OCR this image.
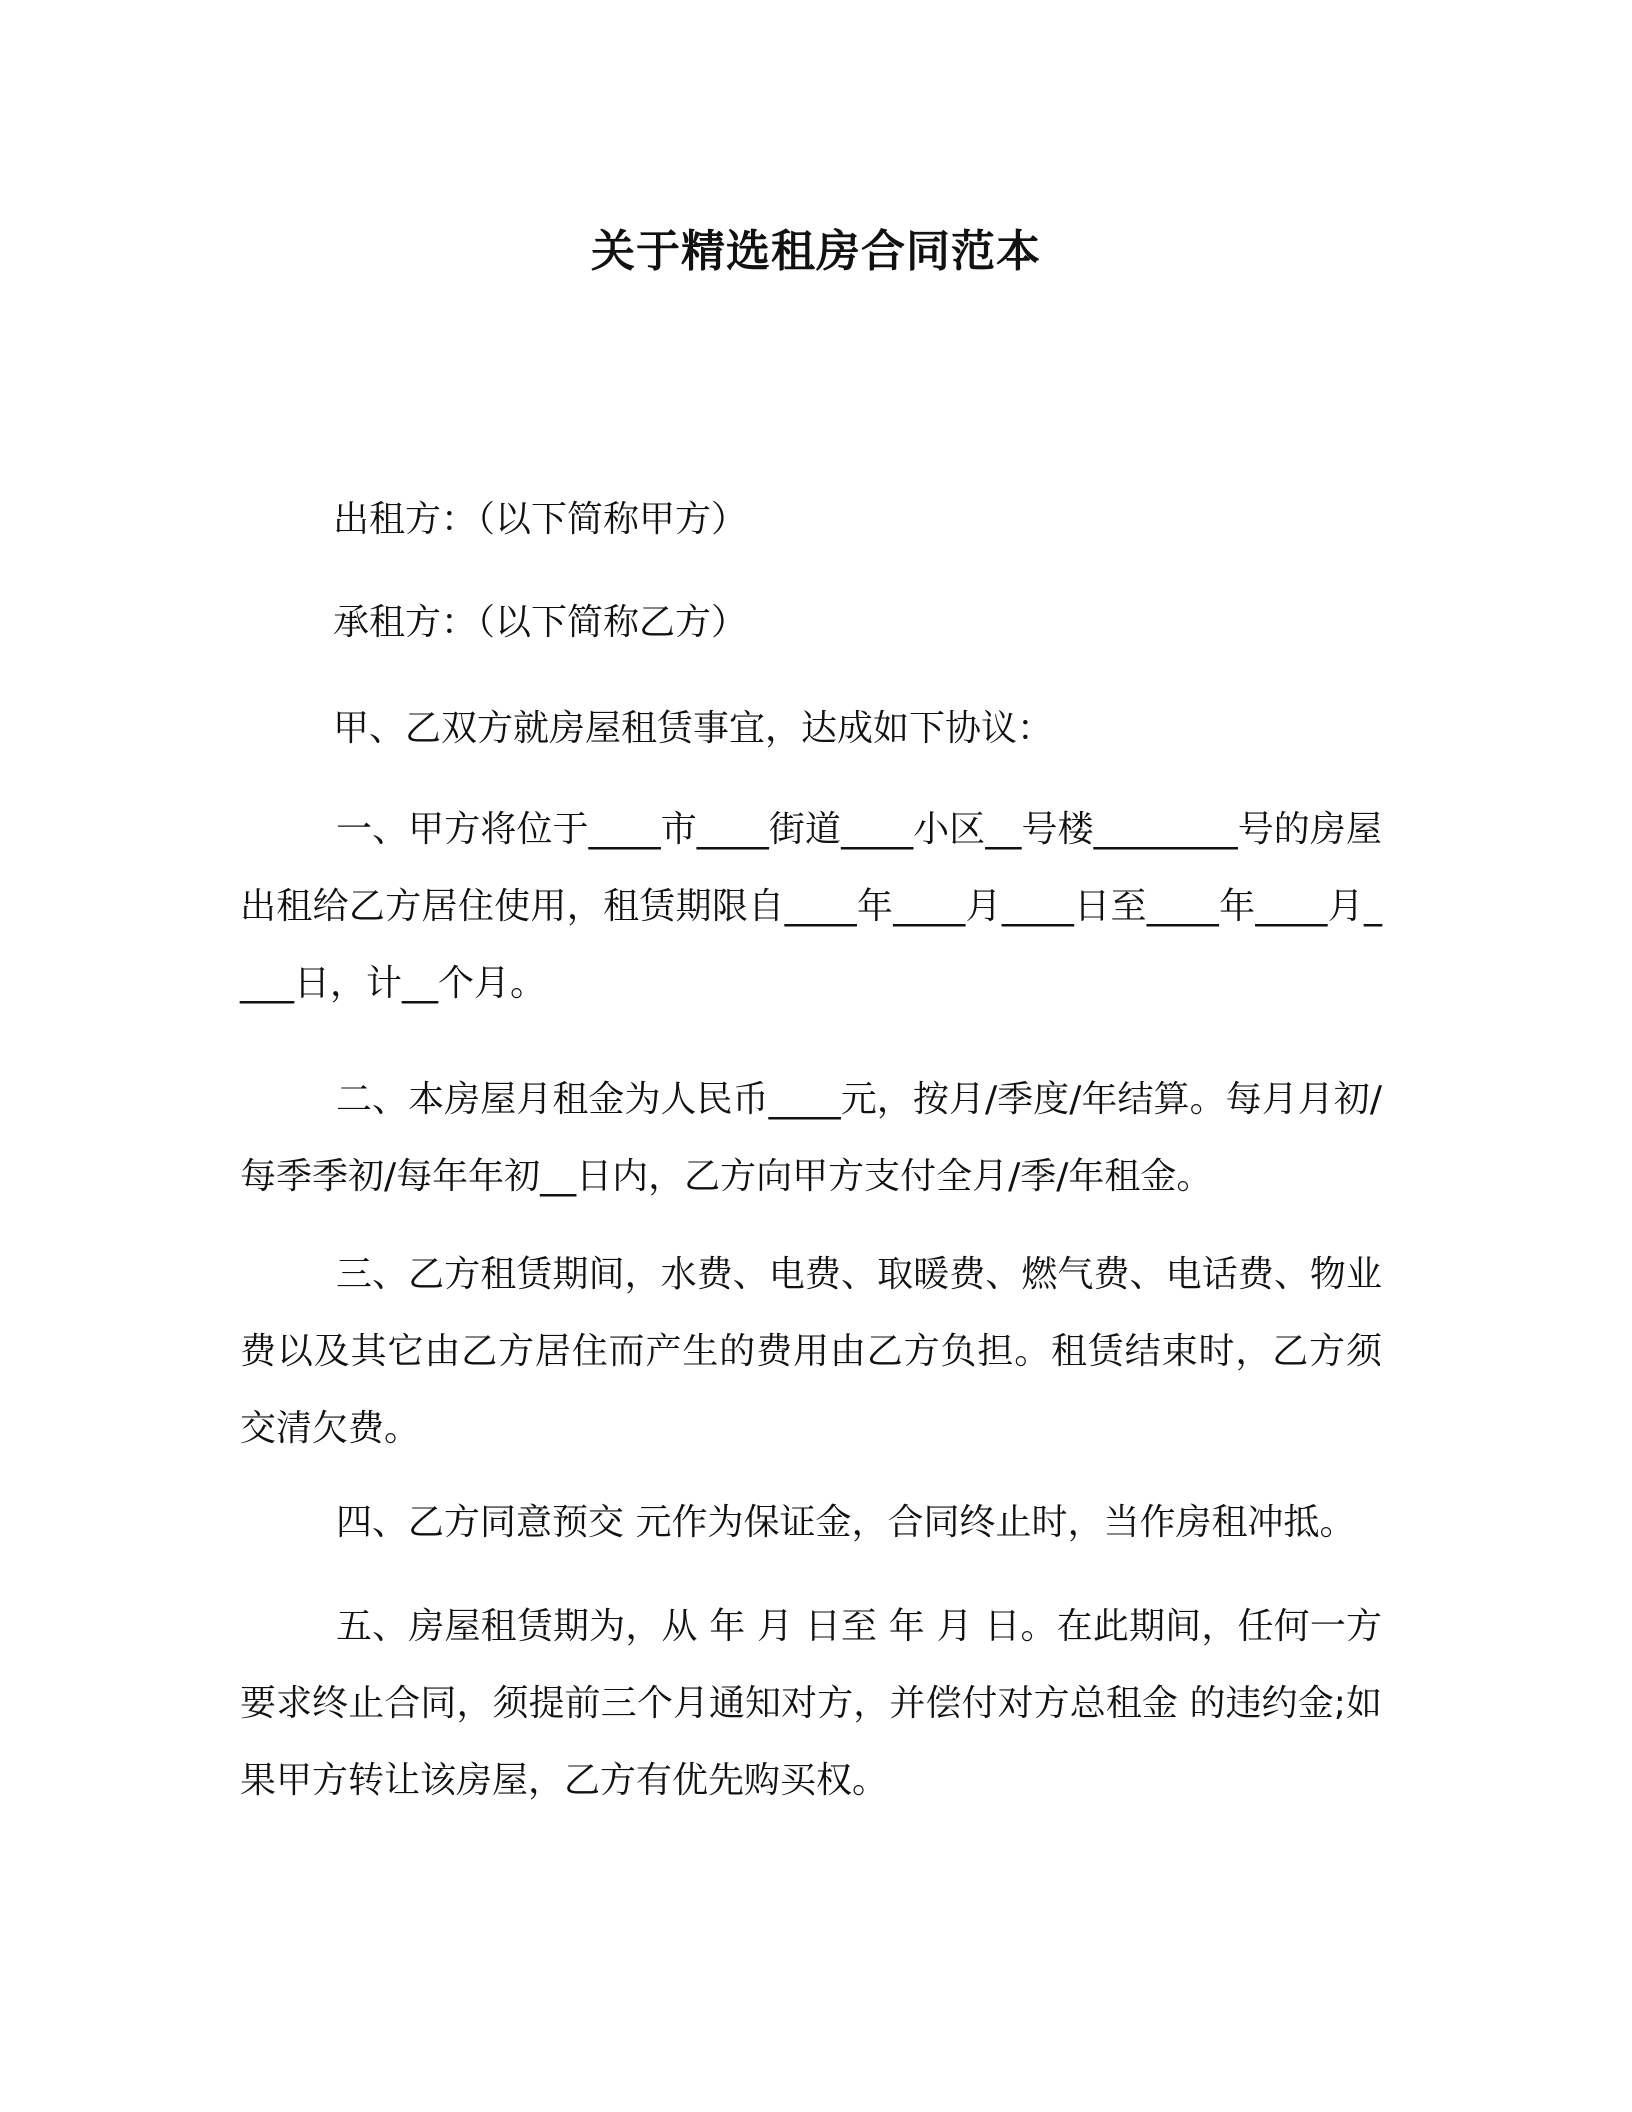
关于精选租房合同范本
出租方：（以下简称甲方）
承租方：（以下简称乙方）
甲、乙双方就房屋租赁事宜，达成如下协议：
一、甲方将位于____市____街道____小区__号楼________号的房屋出租给乙方居住使用，租赁期限自____年____月____日至____年____月____日，计__个月。
二、本房屋月租金为人民币____元，按月/季度/年结算。每月月初/每季季初/每年年初__日内，乙方向甲方支付全月/季/年租金。
三、乙方租赁期间，水费、电费、取暖费、燃气费、电话费、物业费以及其它由乙方居住而产生的费用由乙方负担。租赁结束时，乙方须交清欠费。
四、乙方同意预交 元作为保证金，合同终止时，当作房租冲抵。
五、房屋租赁期为，从 年 月 日至 年 月 日。在此期间，任何一方要求终止合同，须提前三个月通知对方，并偿付对方总租金 的违约金;如果甲方转让该房屋，乙方有优先购买权。
